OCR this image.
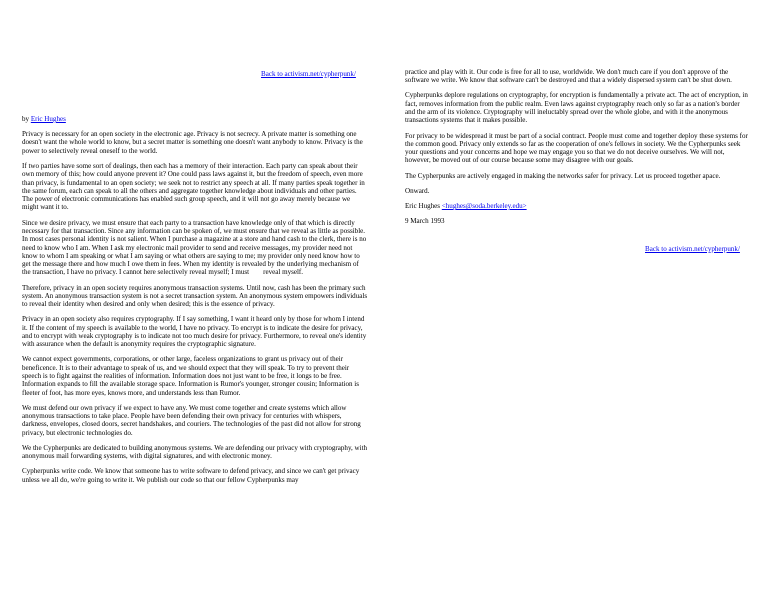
Back to activism.net/cypherpunk/

by Eric Hughes

Privacy is necessary for an open society in the electronic age. Privacy is not secrecy. A private matter is something one doesn't want the whole world to know, but a secret matter is something one doesn't want anybody to know. Privacy is the power to selectively reveal oneself to the world.

If two parties have some sort of dealings, then each has a memory of their interaction. Each party can speak about their own memory of this; how could anyone prevent it? One could pass laws against it, but the freedom of speech, even more than privacy, is fundamental to an open society; we seek not to restrict any speech at all. If many parties speak together in the same forum, each can speak to all the others and aggregate together knowledge about individuals and other parties. The power of electronic communications has enabled such group speech, and it will not go away merely because we might want it to.

Since we desire privacy, we must ensure that each party to a transaction have knowledge only of that which is directly necessary for that transaction. Since any information can be spoken of, we must ensure that we reveal as little as possible. In most cases personal identity is not salient. When I purchase a magazine at a store and hand cash to the clerk, there is no need to know who I am. When I ask my electronic mail provider to send and receive messages, my provider need not know to whom I am speaking or what I am saying or what others are saying to me; my provider only need know how to get the message there and how much I owe them in fees. When my identity is revealed by the underlying mechanism of the transaction, I have no privacy. I cannot here selectively reveal myself; I must reveal myself.

Therefore, privacy in an open society requires anonymous transaction systems. Until now, cash has been the primary such system. An anonymous transaction system is not a secret transaction system. An anonymous system empowers individuals to reveal their identity when desired and only when desired; this is the essence of privacy.

Privacy in an open society also requires cryptography. If I say something, I want it heard only by those for whom I intend it. If the content of my speech is available to the world, I have no privacy. To encrypt is to indicate the desire for privacy, and to encrypt with weak cryptography is to indicate not too much desire for privacy. Furthermore, to reveal one's identity with assurance when the default is anonymity requires the cryptographic signature.

We cannot expect governments, corporations, or other large, faceless organizations to grant us privacy out of their beneficence. It is to their advantage to speak of us, and we should expect that they will speak. To try to prevent their speech is to fight against the realities of information. Information does not just want to be free, it longs to be free. Information expands to fill the available storage space. Information is Rumor's younger, stronger cousin; Information is fleeter of foot, has more eyes, knows more, and understands less than Rumor.

We must defend our own privacy if we expect to have any. We must come together and create systems which allow anonymous transactions to take place. People have been defending their own privacy for centuries with whispers, darkness, envelopes, closed doors, secret handshakes, and couriers. The technologies of the past did not allow for strong privacy, but electronic technologies do.

We the Cypherpunks are dedicated to building anonymous systems. We are defending our privacy with cryptography, with anonymous mail forwarding systems, with digital signatures, and with electronic money.

Cypherpunks write code. We know that someone has to write software to defend privacy, and since we can't get privacy unless we all do, we're going to write it. We publish our code so that our fellow Cypherpunks may

practice and play with it. Our code is free for all to use, worldwide. We don't much care if you don't approve of the software we write. We know that software can't be destroyed and that a widely dispersed system can't be shut down.

Cypherpunks deplore regulations on cryptography, for encryption is fundamentally a private act. The act of encryption, in fact, removes information from the public realm. Even laws against cryptography reach only so far as a nation's border and the arm of its violence. Cryptography will ineluctably spread over the whole globe, and with it the anonymous transactions systems that it makes possible.

For privacy to be widespread it must be part of a social contract. People must come and together deploy these systems for the common good. Privacy only extends so far as the cooperation of one's fellows in society. We the Cypherpunks seek your questions and your concerns and hope we may engage you so that we do not deceive ourselves. We will not, however, be moved out of our course because some may disagree with our goals.

The Cypherpunks are actively engaged in making the networks safer for privacy. Let us proceed together apace.

Onward.

Eric Hughes <hughes@soda.berkeley.edu>

9 March 1993

Back to activism.net/cypherpunk/
